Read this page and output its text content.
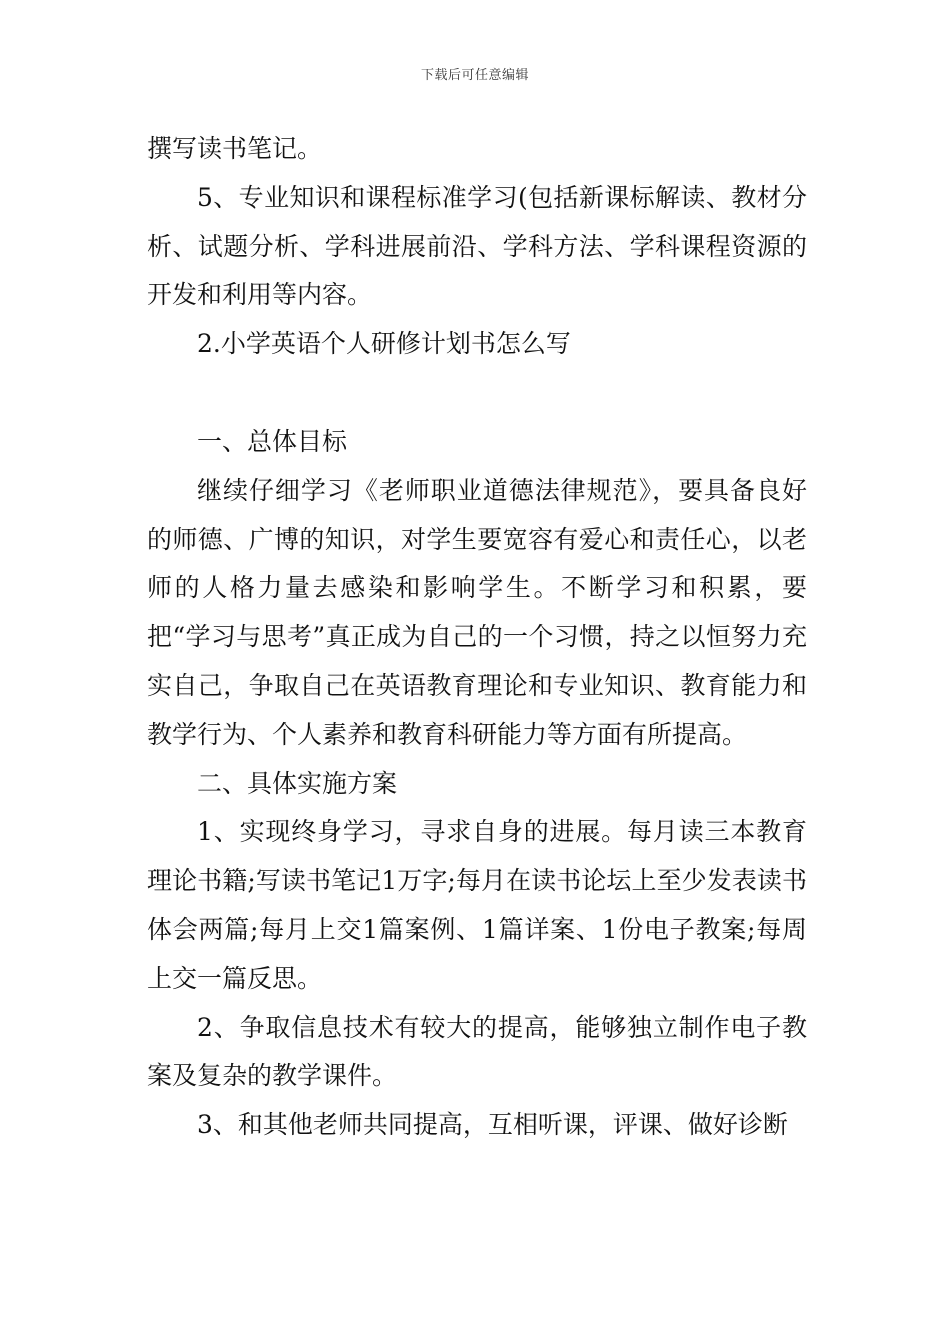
下载后可任意编辑

撰写读书笔记。

5、专业知识和课程标准学习(包括新课标解读、教材分析、试题分析、学科进展前沿、学科方法、学科课程资源的开发和利用等内容。

2.小学英语个人研修计划书怎么写

一、总体目标

继续仔细学习《老师职业道德法律规范》，要具备良好的师德、广博的知识，对学生要宽容有爱心和责任心，以老师的人格力量去感染和影响学生。不断学习和积累，要把“学习与思考”真正成为自己的一个习惯，持之以恒努力充实自己，争取自己在英语教育理论和专业知识、教育能力和教学行为、个人素养和教育科研能力等方面有所提高。

二、具体实施方案

1、实现终身学习，寻求自身的进展。每月读三本教育理论书籍;写读书笔记1万字;每月在读书论坛上至少发表读书体会两篇;每月上交1篇案例、1篇详案、1份电子教案;每周上交一篇反思。

2、争取信息技术有较大的提高，能够独立制作电子教案及复杂的教学课件。

3、和其他老师共同提高，互相听课，评课、做好诊断
